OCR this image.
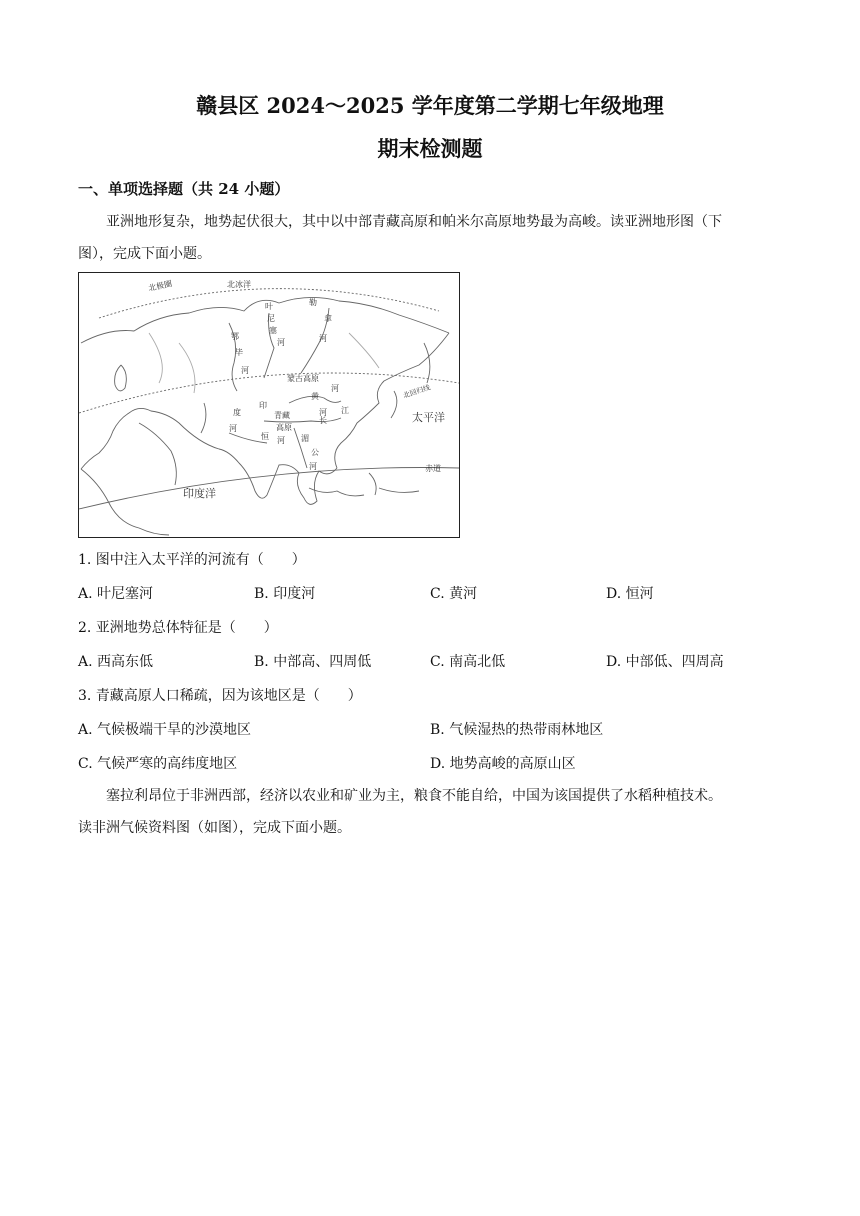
赣县区 2024～2025 学年度第二学期七年级地理
期末检测题
一、单项选择题（共 24 小题）
亚洲地形复杂，地势起伏很大，其中以中部青藏高原和帕米尔高原地势最为高峻。读亚洲地形图（下
图），完成下面小题。
北极圈	北冰洋
叶
尼
塞
河
勒
拿
河
鄂
毕
河
蒙古高原
黄
河
河
江
长
青藏
高原
印
度
河
恒 河 湄
公
河
北回归线
太平洋
印度洋
赤道
1. 图中注入太平洋的河流有（　　）
A. 叶尼塞河	B. 印度河	C. 黄河	D. 恒河
2. 亚洲地势总体特征是（　　）
A. 西高东低	B. 中部高、四周低	C. 南高北低	D. 中部低、四周高
3. 青藏高原人口稀疏，因为该地区是（　　）
A. 气候极端干旱的沙漠地区	B. 气候湿热的热带雨林地区
C. 气候严寒的高纬度地区	D. 地势高峻的高原山区
塞拉利昂位于非洲西部，经济以农业和矿业为主，粮食不能自给，中国为该国提供了水稻种植技术。
读非洲气候资料图（如图），完成下面小题。
